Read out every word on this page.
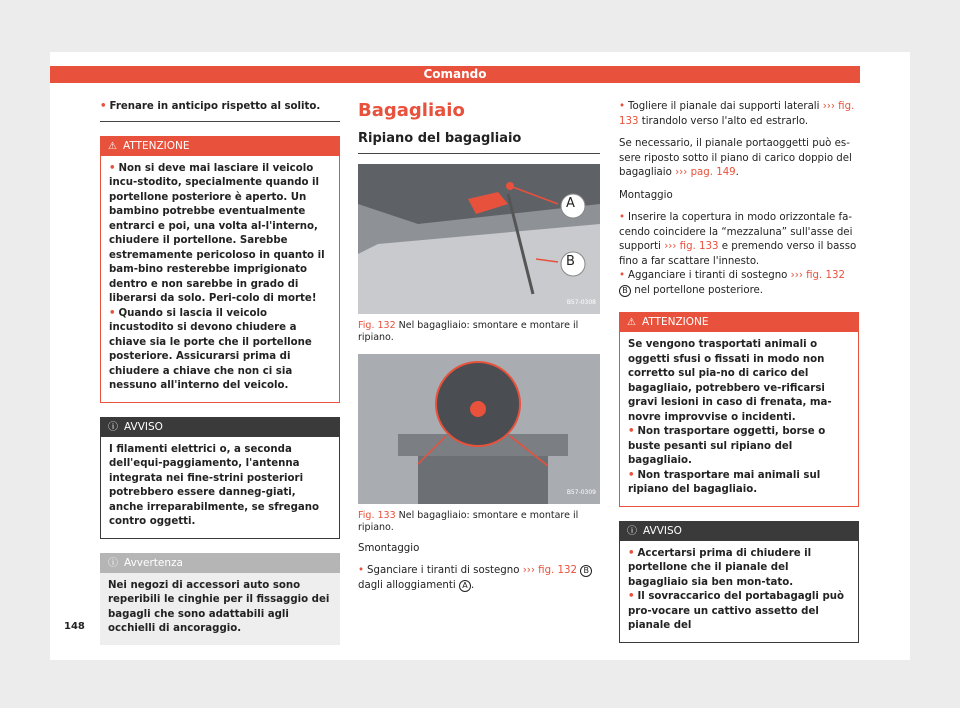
Comando

• Frenare in anticipo rispetto al solito.

⚠ ATTENZIONE

• Non si deve mai lasciare il veicolo incu-stodito, specialmente quando il portellone posteriore è aperto. Un bambino potrebbe eventualmente entrarci e poi, una volta al-l'interno, chiudere il portellone. Sarebbe estremamente pericoloso in quanto il bam-bino resterebbe imprigionato dentro e non sarebbe in grado di liberarsi da solo. Peri-colo di morte!

• Quando si lascia il veicolo incustodito si devono chiudere a chiave sia le porte che il portellone posteriore. Assicurarsi prima di chiudere a chiave che non ci sia nessuno all'interno del veicolo.

ⓘ AVVISO

I filamenti elettrici o, a seconda dell'equi-paggiamento, l'antenna integrata nei fine-strini posteriori potrebbero essere danneg-giati, anche irreparabilmente, se sfregano contro oggetti.

ⓘ Avvertenza

Nei negozi di accessori auto sono reperibili le cinghie per il fissaggio dei bagagli che sono adattabili agli occhielli di ancoraggio.

Bagagliaio
Ripiano del bagagliaio
A
B
B57-0308

Fig. 132 Nel bagagliaio: smontare e montare il ripiano.

B57-0309

Fig. 133 Nel bagagliaio: smontare e montare il ripiano.

Smontaggio

• Sganciare i tiranti di sostegno ››› fig. 132 B dagli alloggiamenti A .

• Togliere il pianale dai supporti laterali ››› fig. 133 tirandolo verso l'alto ed estrarlo.

Se necessario, il pianale portaoggetti può es-sere riposto sotto il piano di carico doppio del bagagliaio ››› pag. 149.

Montaggio

• Inserire la copertura in modo orizzontale fa-cendo coincidere la “mezzaluna” sull'asse dei supporti ››› fig. 133 e premendo verso il basso fino a far scattare l'innesto.

• Agganciare i tiranti di sostegno ››› fig. 132 B nel portellone posteriore.

⚠ ATTENZIONE

Se vengono trasportati animali o oggetti sfusi o fissati in modo non corretto sul pia-no di carico del bagagliaio, potrebbero ve-rificarsi gravi lesioni in caso di frenata, ma-novre improvvise o incidenti.

• Non trasportare oggetti, borse o buste pesanti sul ripiano del bagagliaio.

• Non trasportare mai animali sul ripiano del bagagliaio.

ⓘ AVVISO

• Accertarsi prima di chiudere il portellone che il pianale del bagagliaio sia ben mon-tato.

• Il sovraccarico del portabagagli può pro-vocare un cattivo assetto del pianale del

148
